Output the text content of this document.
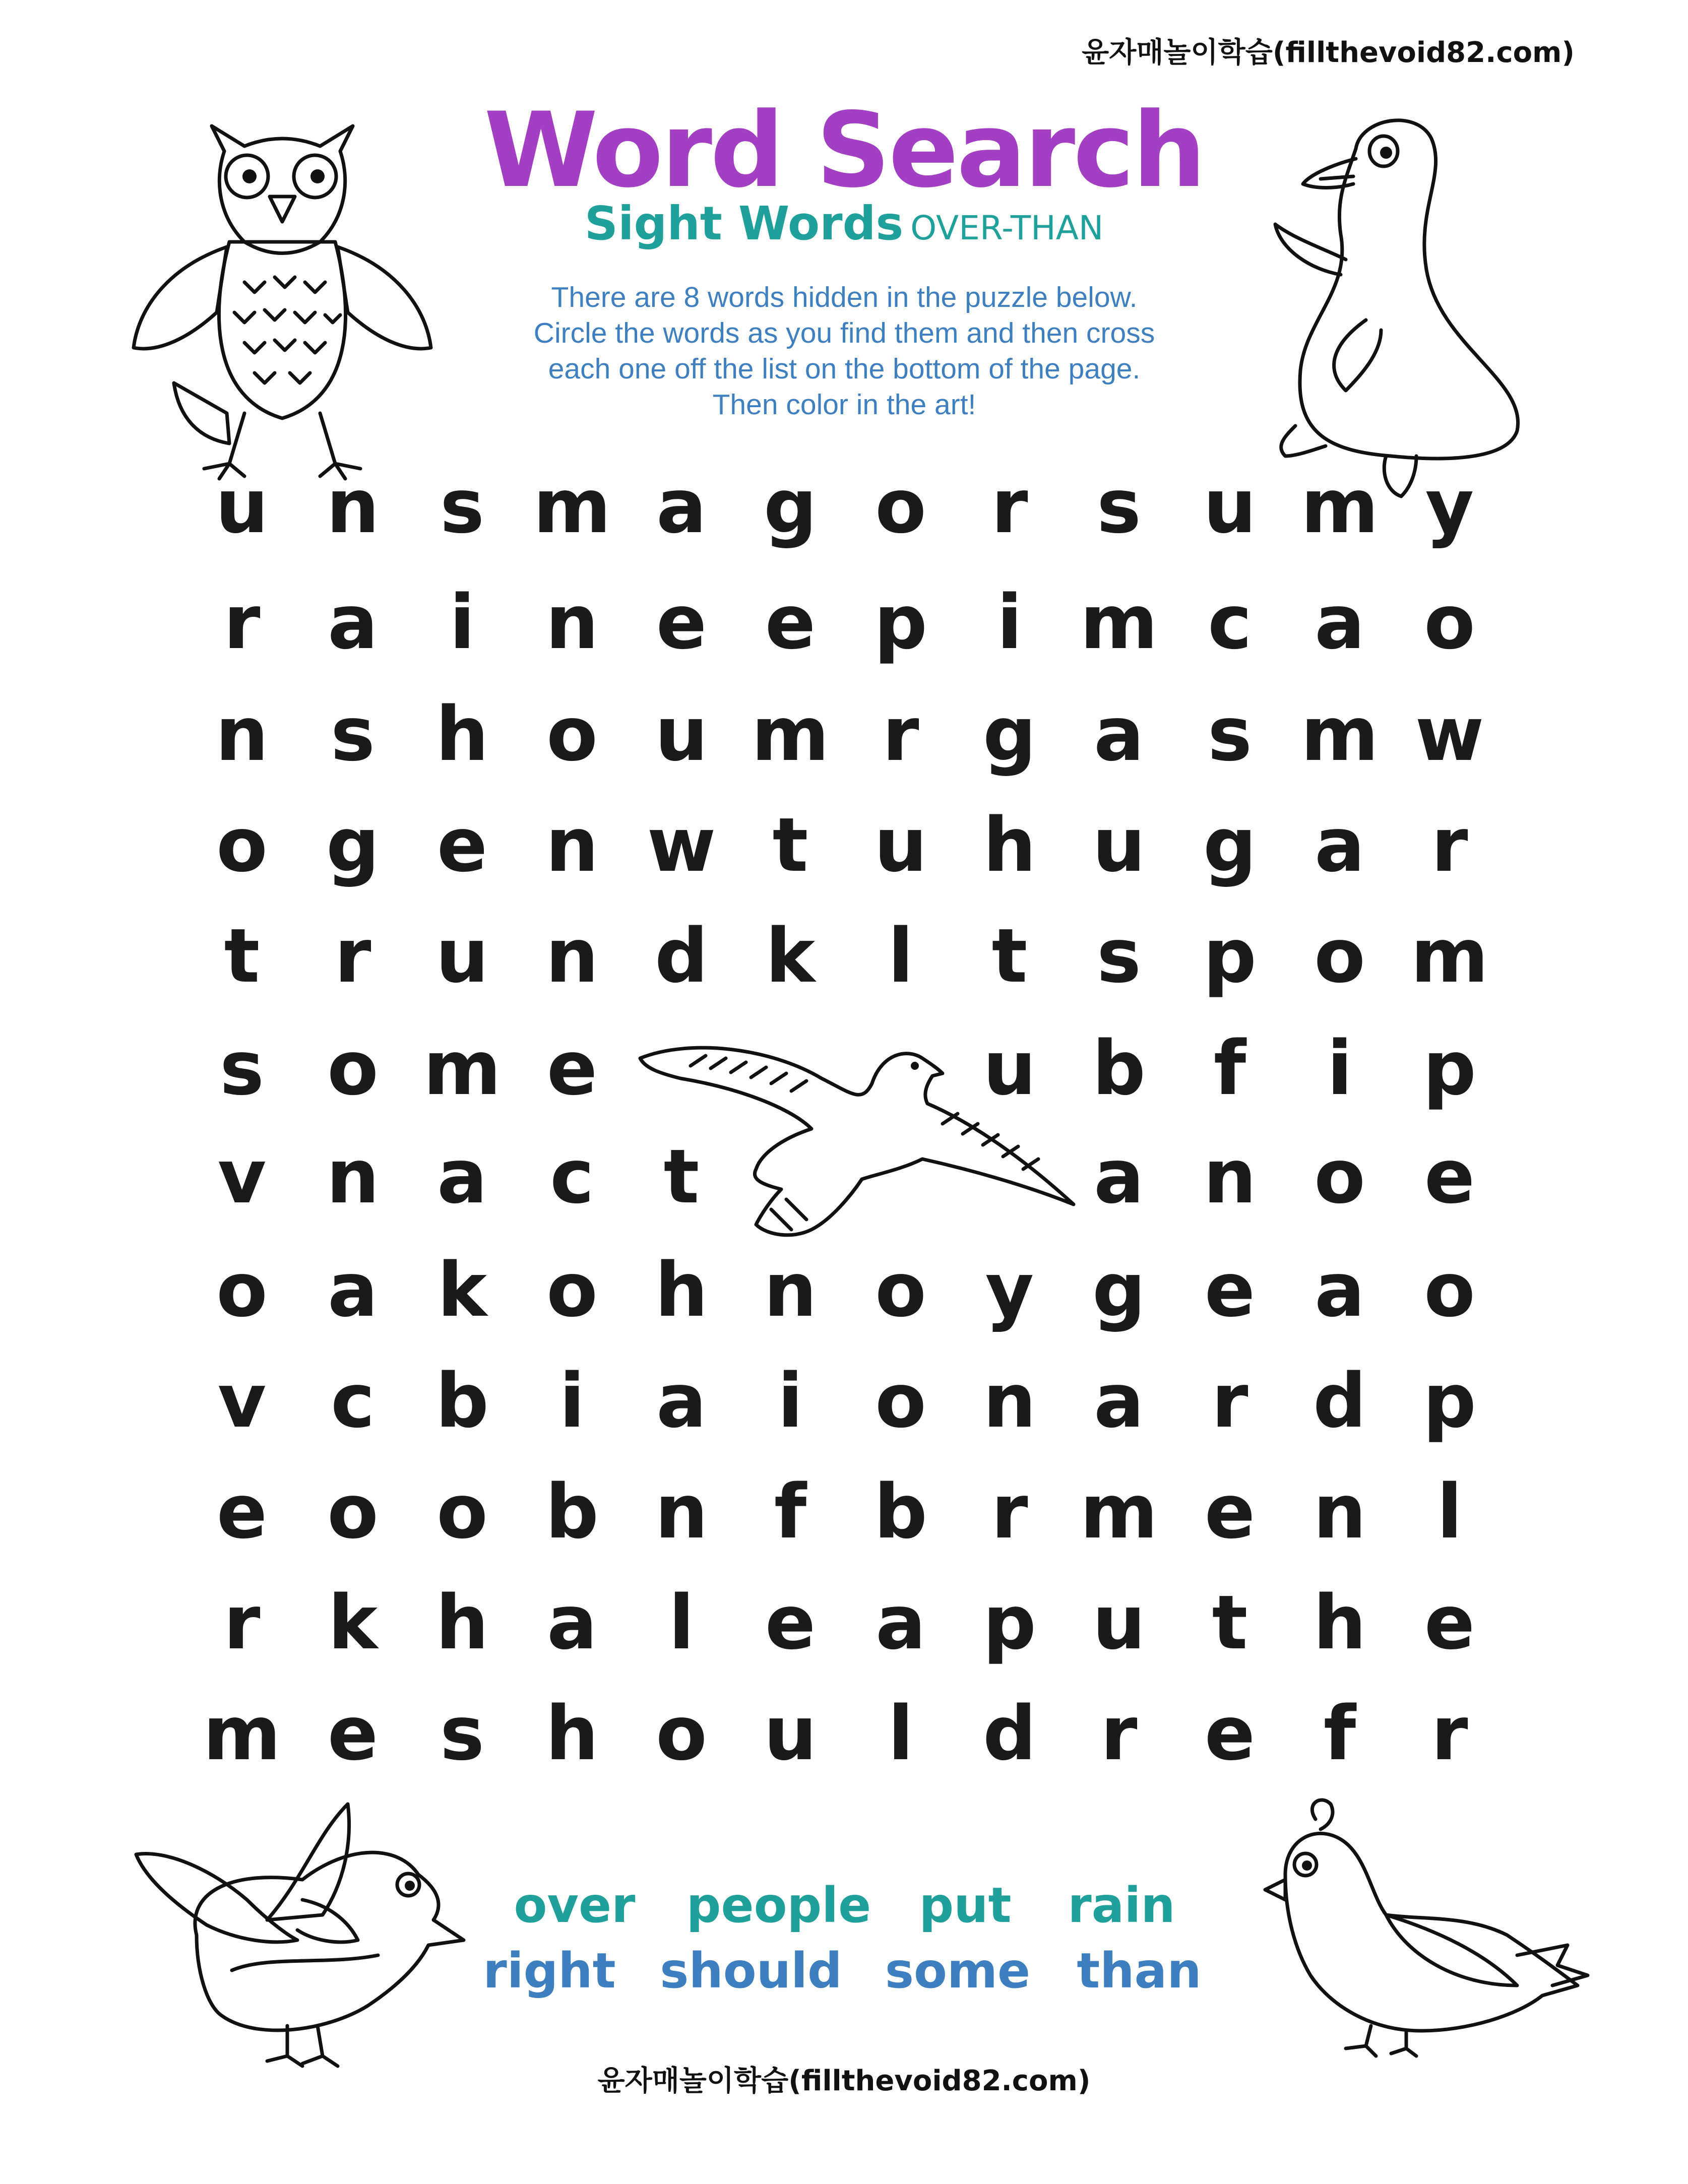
윤자매놀이학습(fillthevoid82.com)
Word Search
Sight Words OVER-THAN
There are 8 words hidden in the puzzle below.
Circle the words as you find them and then cross
each one off the list on the bottom of the page.
Then color in the art!
u n s m a g o r s u m y
r a i n e e p i m c a o
n s h o u m r g a s m w
o g e n w t u h u g a r
t	r u n d k l	t s p o m
s o m e	u b f	i p
v n a c t	a n o e
o a k o h n o y g e a o
v c b i a i o n a r d p
e o o b n f b r m e n l
r k h a l e a p u t h e
m e s h o u l d r e f	r
over people put rain
right should some than
윤자매놀이학습(fillthevoid82.com)
